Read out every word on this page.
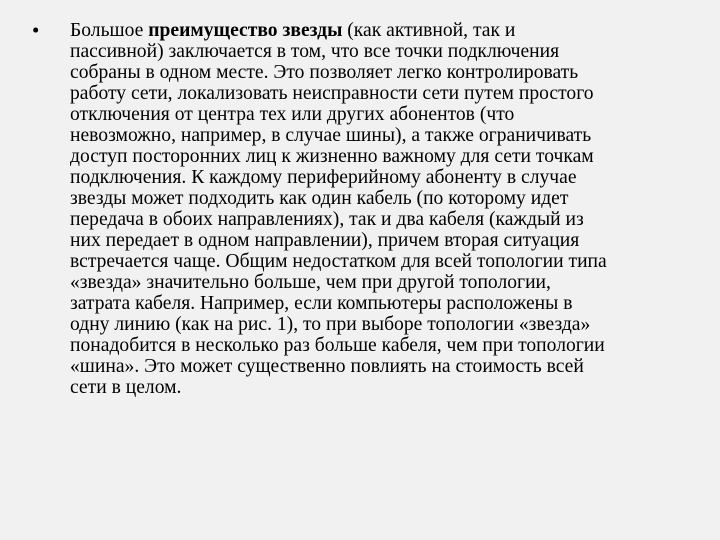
• Большое преимущество звезды (как активной, так и
пассивной) заключается в том, что все точки подключения
собраны в одном месте. Это позволяет легко контролировать
работу сети, локализовать неисправности сети путем простого
отключения от центра тех или других абонентов (что
невозможно, например, в случае шины), а также ограничивать
доступ посторонних лиц к жизненно важному для сети точкам
подключения. К каждому периферийному абоненту в случае
звезды может подходить как один кабель (по которому идет
передача в обоих направлениях), так и два кабеля (каждый из
них передает в одном направлении), причем вторая ситуация
встречается чаще. Общим недостатком для всей топологии типа
«звезда» значительно больше, чем при другой топологии,
затрата кабеля. Например, если компьютеры расположены в
одну линию (как на рис. 1), то при выборе топологии «звезда»
понадобится в несколько раз больше кабеля, чем при топологии
«шина». Это может существенно повлиять на стоимость всей
сети в целом.
